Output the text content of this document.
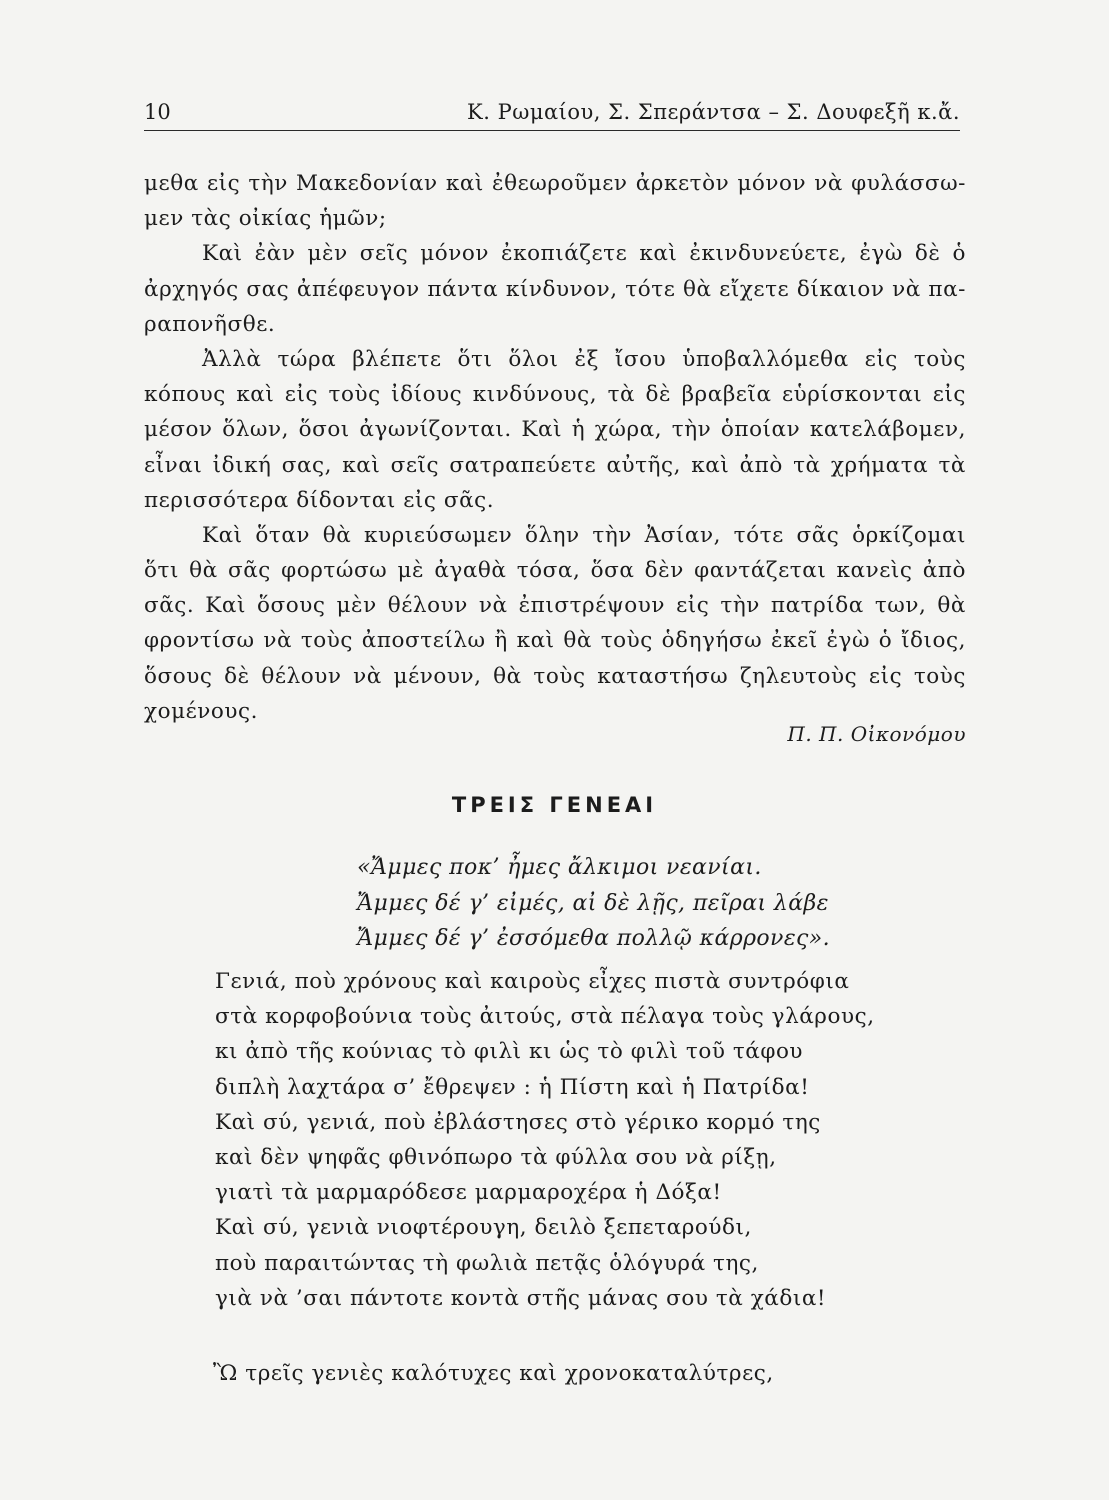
10	Κ. Ρωμαίου, Σ. Σπεράντσα – Σ. Δουφεξῆ κ.ἄ.
μεθα εἰς τὴν Μακεδονίαν καὶ ἐθεωροῦμεν ἀρκετὸν μόνον νὰ φυλάσσω-
μεν τὰς οἰκίας ἡμῶν;
Καὶ ἐὰν μὲν σεῖς μόνον ἐκοπιάζετε καὶ ἐκινδυνεύετε, ἐγὼ δὲ ὁ
ἀρχηγός σας ἀπέφευγον πάντα κίνδυνον, τότε θὰ εἴχετε δίκαιον νὰ πα-
ραπονῆσθε.
Ἀλλὰ τώρα βλέπετε ὅτι ὅλοι ἐξ ἴσου ὑποβαλλόμεθα εἰς τοὺς
κόπους καὶ εἰς τοὺς ἰδίους κινδύνους, τὰ δὲ βραβεῖα εὑρίσκονται εἰς
μέσον ὅλων, ὅσοι ἀγωνίζονται. Καὶ ἡ χώρα, τὴν ὁποίαν κατελάβομεν,
εἶναι ἰδική σας, καὶ σεῖς σατραπεύετε αὐτῆς, καὶ ἀπὸ τὰ χρήματα τὰ
περισσότερα δίδονται εἰς σᾶς.
Καὶ ὅταν θὰ κυριεύσωμεν ὅλην τὴν Ἀσίαν, τότε σᾶς ὁρκίζομαι
ὅτι θὰ σᾶς φορτώσω μὲ ἀγαθὰ τόσα, ὅσα δὲν φαντάζεται κανεὶς ἀπὸ
σᾶς. Καὶ ὅσους μὲν θέλουν νὰ ἐπιστρέψουν εἰς τὴν πατρίδα των, θὰ
φροντίσω νὰ τοὺς ἀποστείλω ἢ καὶ θὰ τοὺς ὁδηγήσω ἐκεῖ ἐγὼ ὁ ἴδιος,
ὅσους δὲ θέλουν νὰ μένουν, θὰ τοὺς καταστήσω ζηλευτοὺς εἰς τοὺς
χομένους.
Π. Π. Οἰκονόμου
ΤΡΕΙΣ ΓΕΝΕΑΙ
«Ἄμμες ποκ’ ἦμες ἄλκιμοι νεανίαι.
Ἄμμες δέ γ’ εἰμές, αἰ δὲ λῇς, πεῖραι λάβε
Ἄμμες δέ γ’ ἐσσόμεθα πολλῷ κάρρονες».
Γενιά, ποὺ χρόνους καὶ καιροὺς εἶχες πιστὰ συντρόφια
στὰ κορφοβούνια τοὺς ἀιτούς, στὰ πέλαγα τοὺς γλάρους,
κι ἀπὸ τῆς κούνιας τὸ φιλὶ κι ὡς τὸ φιλὶ τοῦ τάφου
διπλὴ λαχτάρα σ’ ἔθρεψεν : ἡ Πίστη καὶ ἡ Πατρίδα!
Καὶ σύ, γενιά, ποὺ ἐβλάστησες στὸ γέρικο κορμό της
καὶ δὲν ψηφᾶς φθινόπωρο τὰ φύλλα σου νὰ ρίξῃ,
γιατὶ τὰ μαρμαρόδεσε μαρμαροχέρα ἡ Δόξα!
Καὶ σύ, γενιὰ νιοφτέρουγη, δειλὸ ξεπεταρούδι,
ποὺ παραιτώντας τὴ φωλιὰ πετᾷς ὁλόγυρά της,
γιὰ νὰ ’σαι πάντοτε κοντὰ στῆς μάνας σου τὰ χάδια!
Ὢ τρεῖς γενιὲς καλότυχες καὶ χρονοκαταλύτρες,
